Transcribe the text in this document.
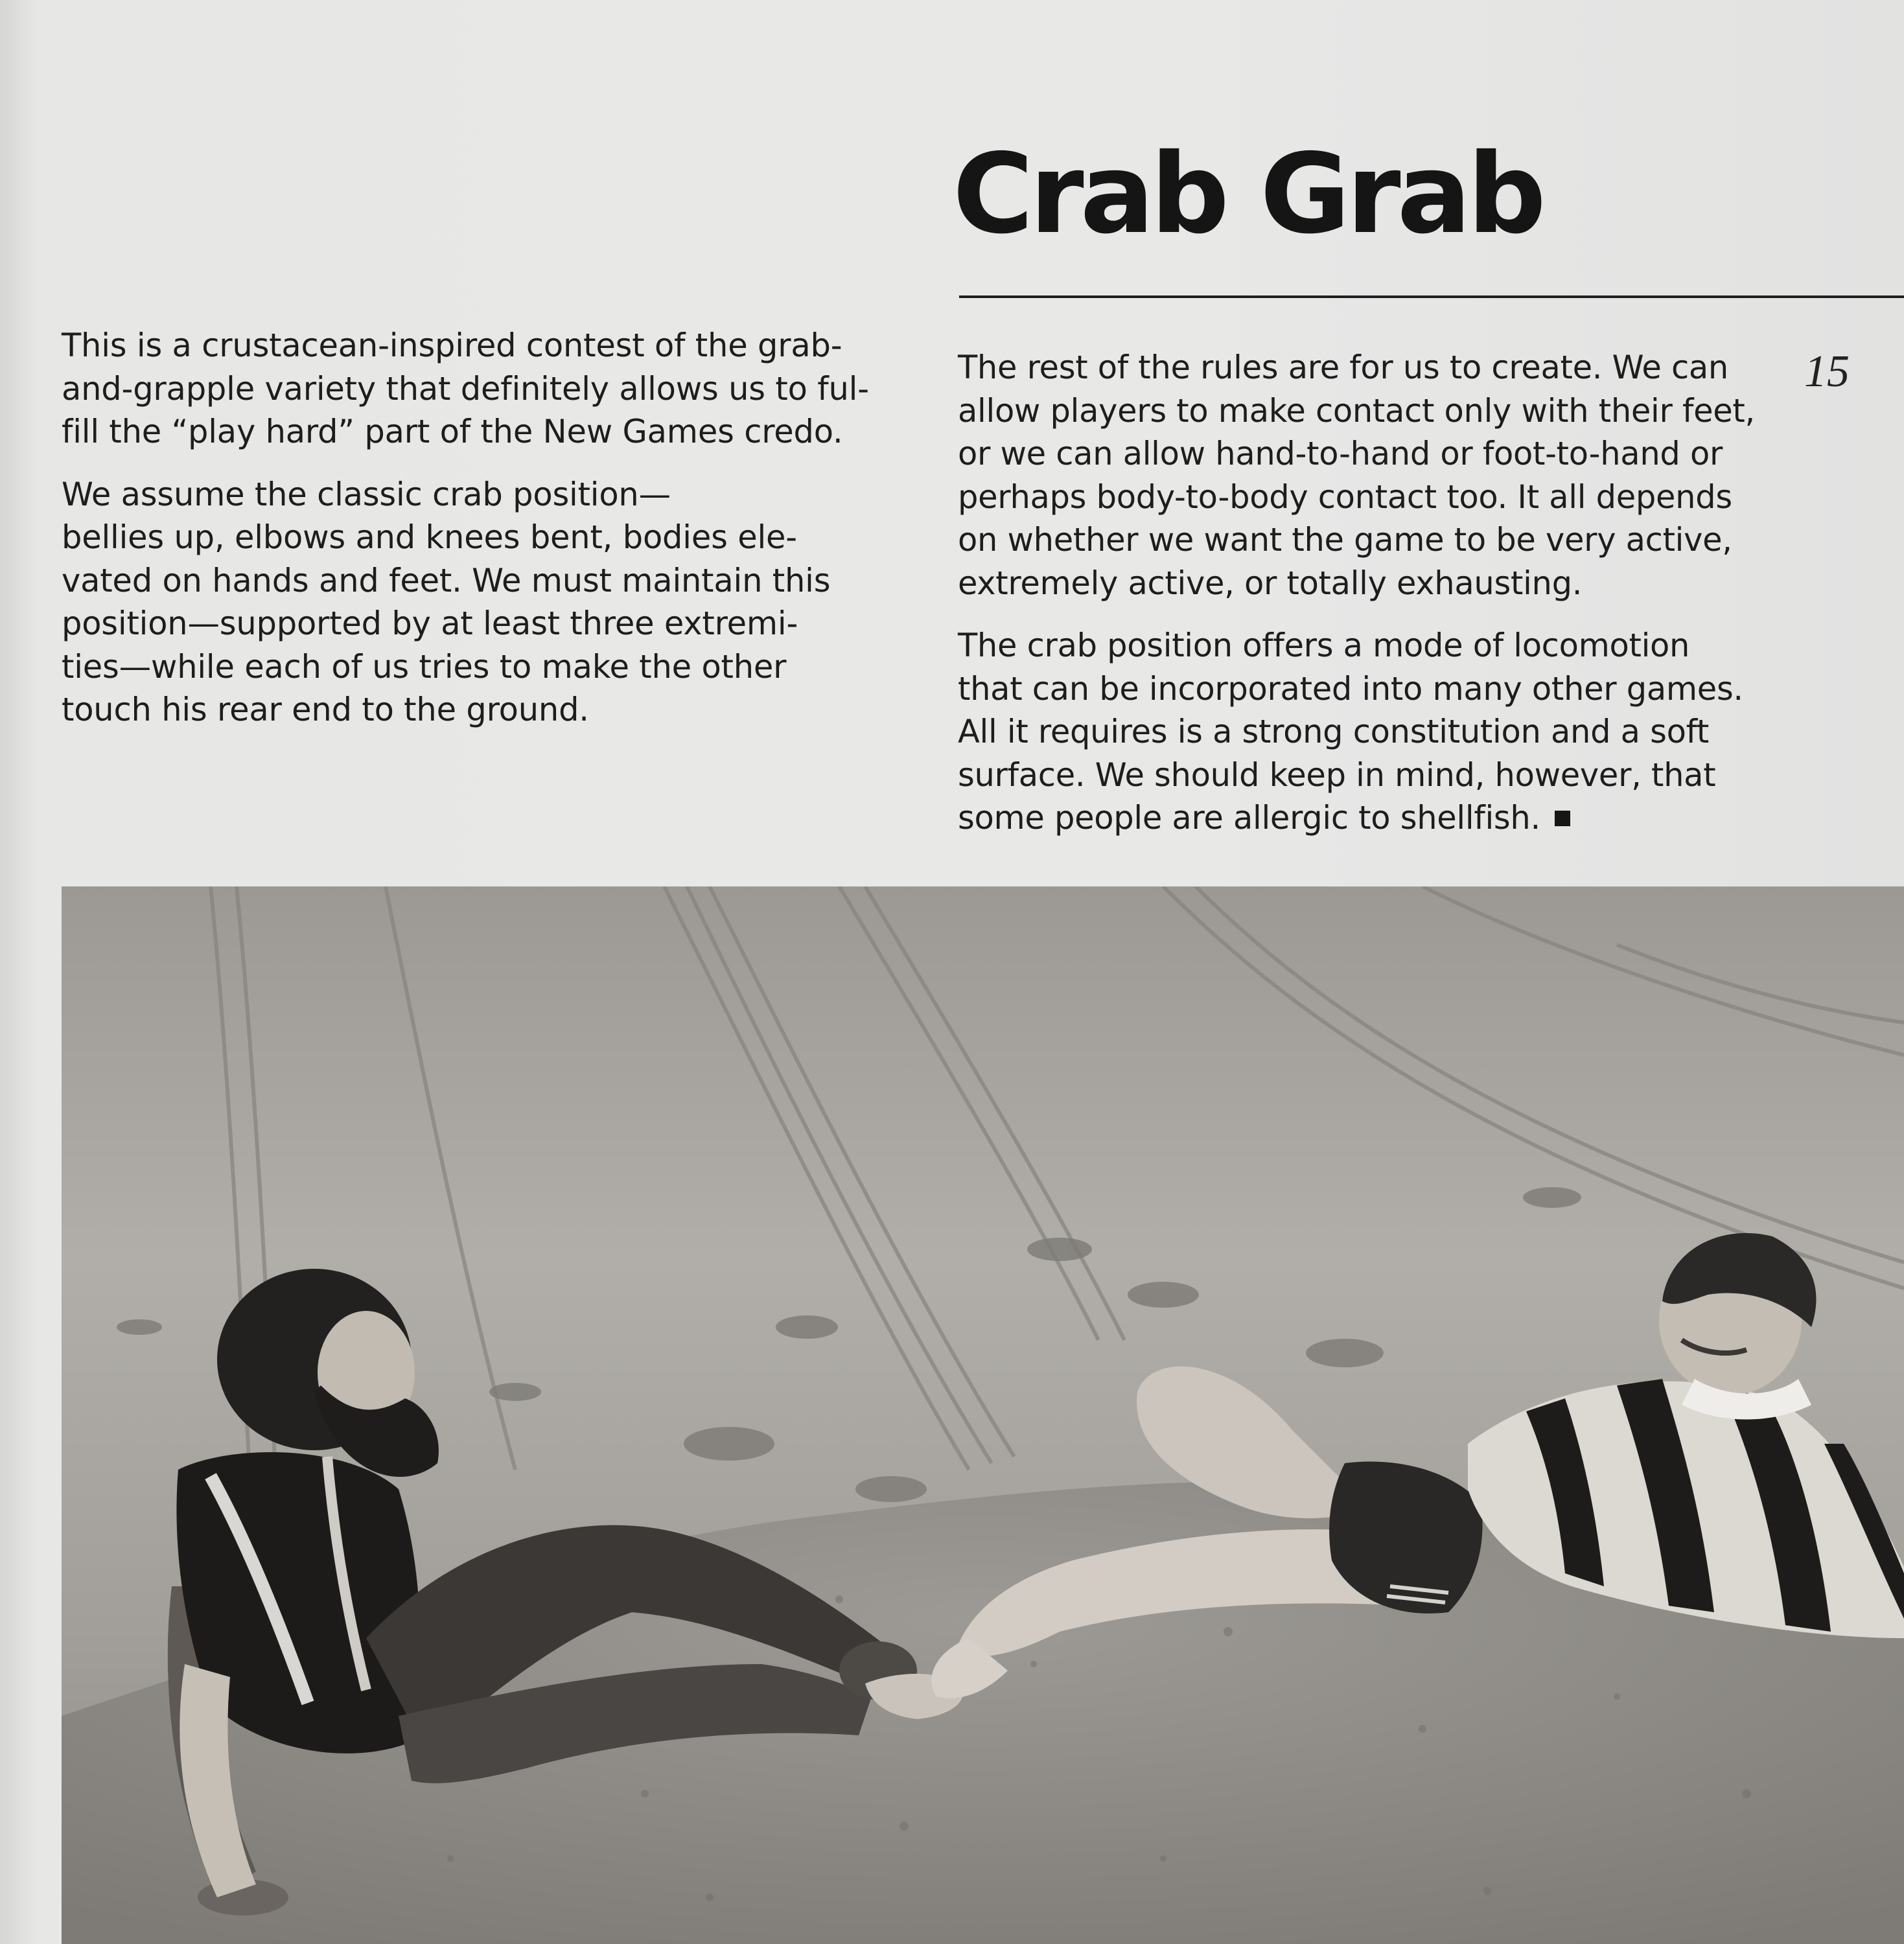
Crab Grab
15

This is a crustacean-inspired contest of the grab-
and-grapple variety that definitely allows us to ful-
fill the “play hard” part of the New Games credo.

We assume the classic crab position—
bellies up, elbows and knees bent, bodies ele-
vated on hands and feet. We must maintain this
position—supported by at least three extremi-
ties—while each of us tries to make the other
touch his rear end to the ground.

The rest of the rules are for us to create. We can
allow players to make contact only with their feet,
or we can allow hand-to-hand or foot-to-hand or
perhaps body-to-body contact too. It all depends
on whether we want the game to be very active,
extremely active, or totally exhausting.

The crab position offers a mode of locomotion
that can be incorporated into many other games.
All it requires is a strong constitution and a soft
surface. We should keep in mind, however, that
some people are allergic to shellfish.
